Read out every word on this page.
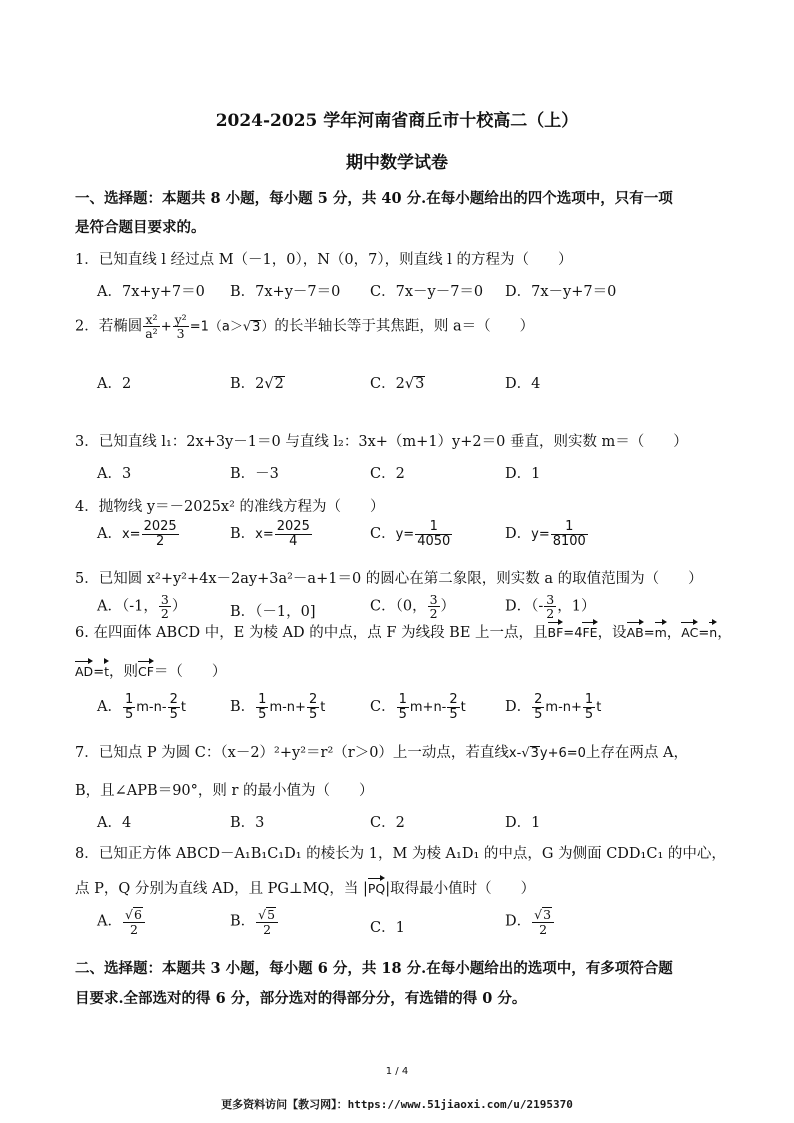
2024-2025 学年河南省商丘市十校高二（上）
期中数学试卷
一、选择题：本题共 8 小题，每小题 5 分，共 40 分.在每小题给出的四个选项中，只有一项
是符合题目要求的。
1．已知直线 l 经过点 M（－1，0），N（0，7），则直线 l 的方程为（　　）
A．7x+y+7＝0 B．7x+y－7＝0 C．7x－y－7＝0 D．7x－y+7＝0
2．若椭圆 $\frac{\text{x²}}{\text{a²}} + \frac{\text{y²}}{3} =1(a>√3)$的长半轴长等于其焦距，则 a＝（　　）
A．2	B．2√2	C．2√3	D．4
3．已知直线 l₁：2x+3y－1＝0 与直线 l₂：3x+（m+1）y+2＝0 垂直，则实数 m＝（　　）
A．3	B．－3	C．2	D．1
4．抛物线 y＝－2025x² 的准线方程为（　　）
A．$x= \frac{2025}{2}$	B．$x= \frac{2025}{4}$	C．$y= \frac{1}{4050}$	D．$y= \frac{1}{8100}$
5．已知圆 x²+y²+4x－2ay+3a²－a+1＝0 的圆心在第二象限，则实数 a 的取值范围为（　　）
A．（-1， $\frac{3}{2}$ ）	B．（－1，0]	C．（0， $\frac{3}{2}$ ）	D．（- $\frac{3}{2}$ ，1）
6. 在四面体 ABCD 中，E 为棱 AD 的中点，点 F 为线段 BE 上一点，且BF=4FE，设AB=m，AC=n，
AD=t，则CF＝（　　）
A． $\frac{1}{5} m-n- \frac{2}{5}$ t	B． $\frac{1}{5} m-n+ \frac{2}{5}$ t	C． $\frac{1}{5} m+n- \frac{2}{5}$ t	D． $\frac{2}{5} m-n+ \frac{1}{5}$ t
7．已知点 P 为圆 C：（x－2）²+y²＝r²（r＞0）上一动点，若直线x-√3y+6=0上存在两点 A，
B，且∠APB＝90°，则 r 的最小值为（　　）
A．4	B．3	C．2	D．1
8．已知正方体 ABCD－A₁B₁C₁D₁ 的棱长为 1，M 为棱 A₁D₁ 的中点，G 为侧面 CDD₁C₁ 的中心，
点 P，Q 分别为直线 AD，且 PG⊥MQ，当 |PQ|取得最小值时（　　）
A． $\frac{√6}{2}$	B． $\frac{√5}{2}$	C．1	D． $\frac{√3}{2}$
二、选择题：本题共 3 小题，每小题 6 分，共 18 分.在每小题给出的选项中，有多项符合题
目要求.全部选对的得 6 分，部分选对的得部分分，有选错的得 0 分。
1 / 4
更多资料访问【教习网】：https://www.51jiaoxi.com/u/2195370
